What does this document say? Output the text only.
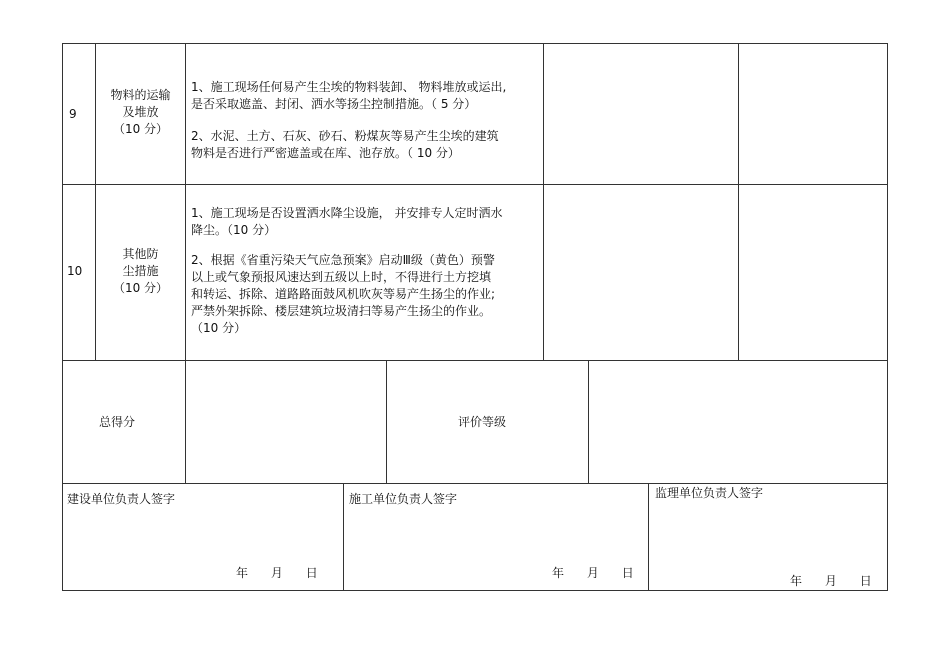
9
物料的运输
及堆放
（10 分）
1、施工现场任何易产生尘埃的物料装卸、 物料堆放或运出,
是否采取遮盖、封闭、洒水等扬尘控制措施。（ 5 分）
2、水泥、土方、石灰、砂石、粉煤灰等易产生尘埃的建筑
物料是否进行严密遮盖或在库、池存放。（ 10 分）
10
其他防
尘措施
（10 分）
1、施工现场是否设置洒水降尘设施， 并安排专人定时洒水
降尘。（10 分）
2、根据《省重污染天气应急预案》启动Ⅲ级（黄色）预警
以上或气象预报风速达到五级以上时，不得进行土方挖填
和转运、拆除、道路路面鼓风机吹灰等易产生扬尘的作业;
严禁外架拆除、楼层建筑垃圾清扫等易产生扬尘的作业。
（10 分）
总得分	评价等级
建设单位负责人签字
年      月      日
施工单位负责人签字
年      月      日
监理单位负责人签字
年      月      日
